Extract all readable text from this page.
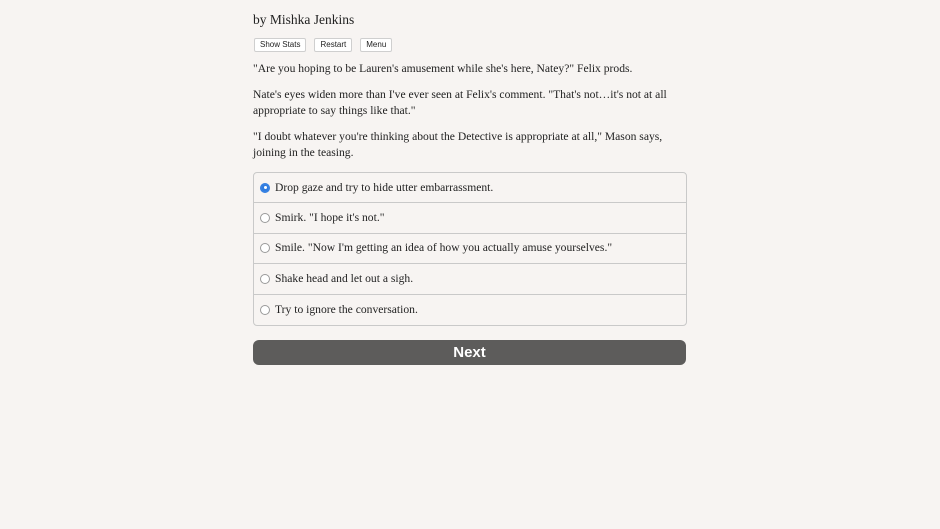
by Mishka Jenkins
Show Stats	Restart	Menu

"Are you hoping to be Lauren's amusement while she's here, Natey?" Felix prods.

Nate's eyes widen more than I've ever seen at Felix's comment. "That's not…it's not at all appropriate to say things like that."

"I doubt whatever you're thinking about the Detective is appropriate at all," Mason says, joining in the teasing.

Drop gaze and try to hide utter embarrassment.
Smirk. "I hope it's not."
Smile. "Now I'm getting an idea of how you actually amuse yourselves."
Shake head and let out a sigh.
Try to ignore the conversation.
Next
